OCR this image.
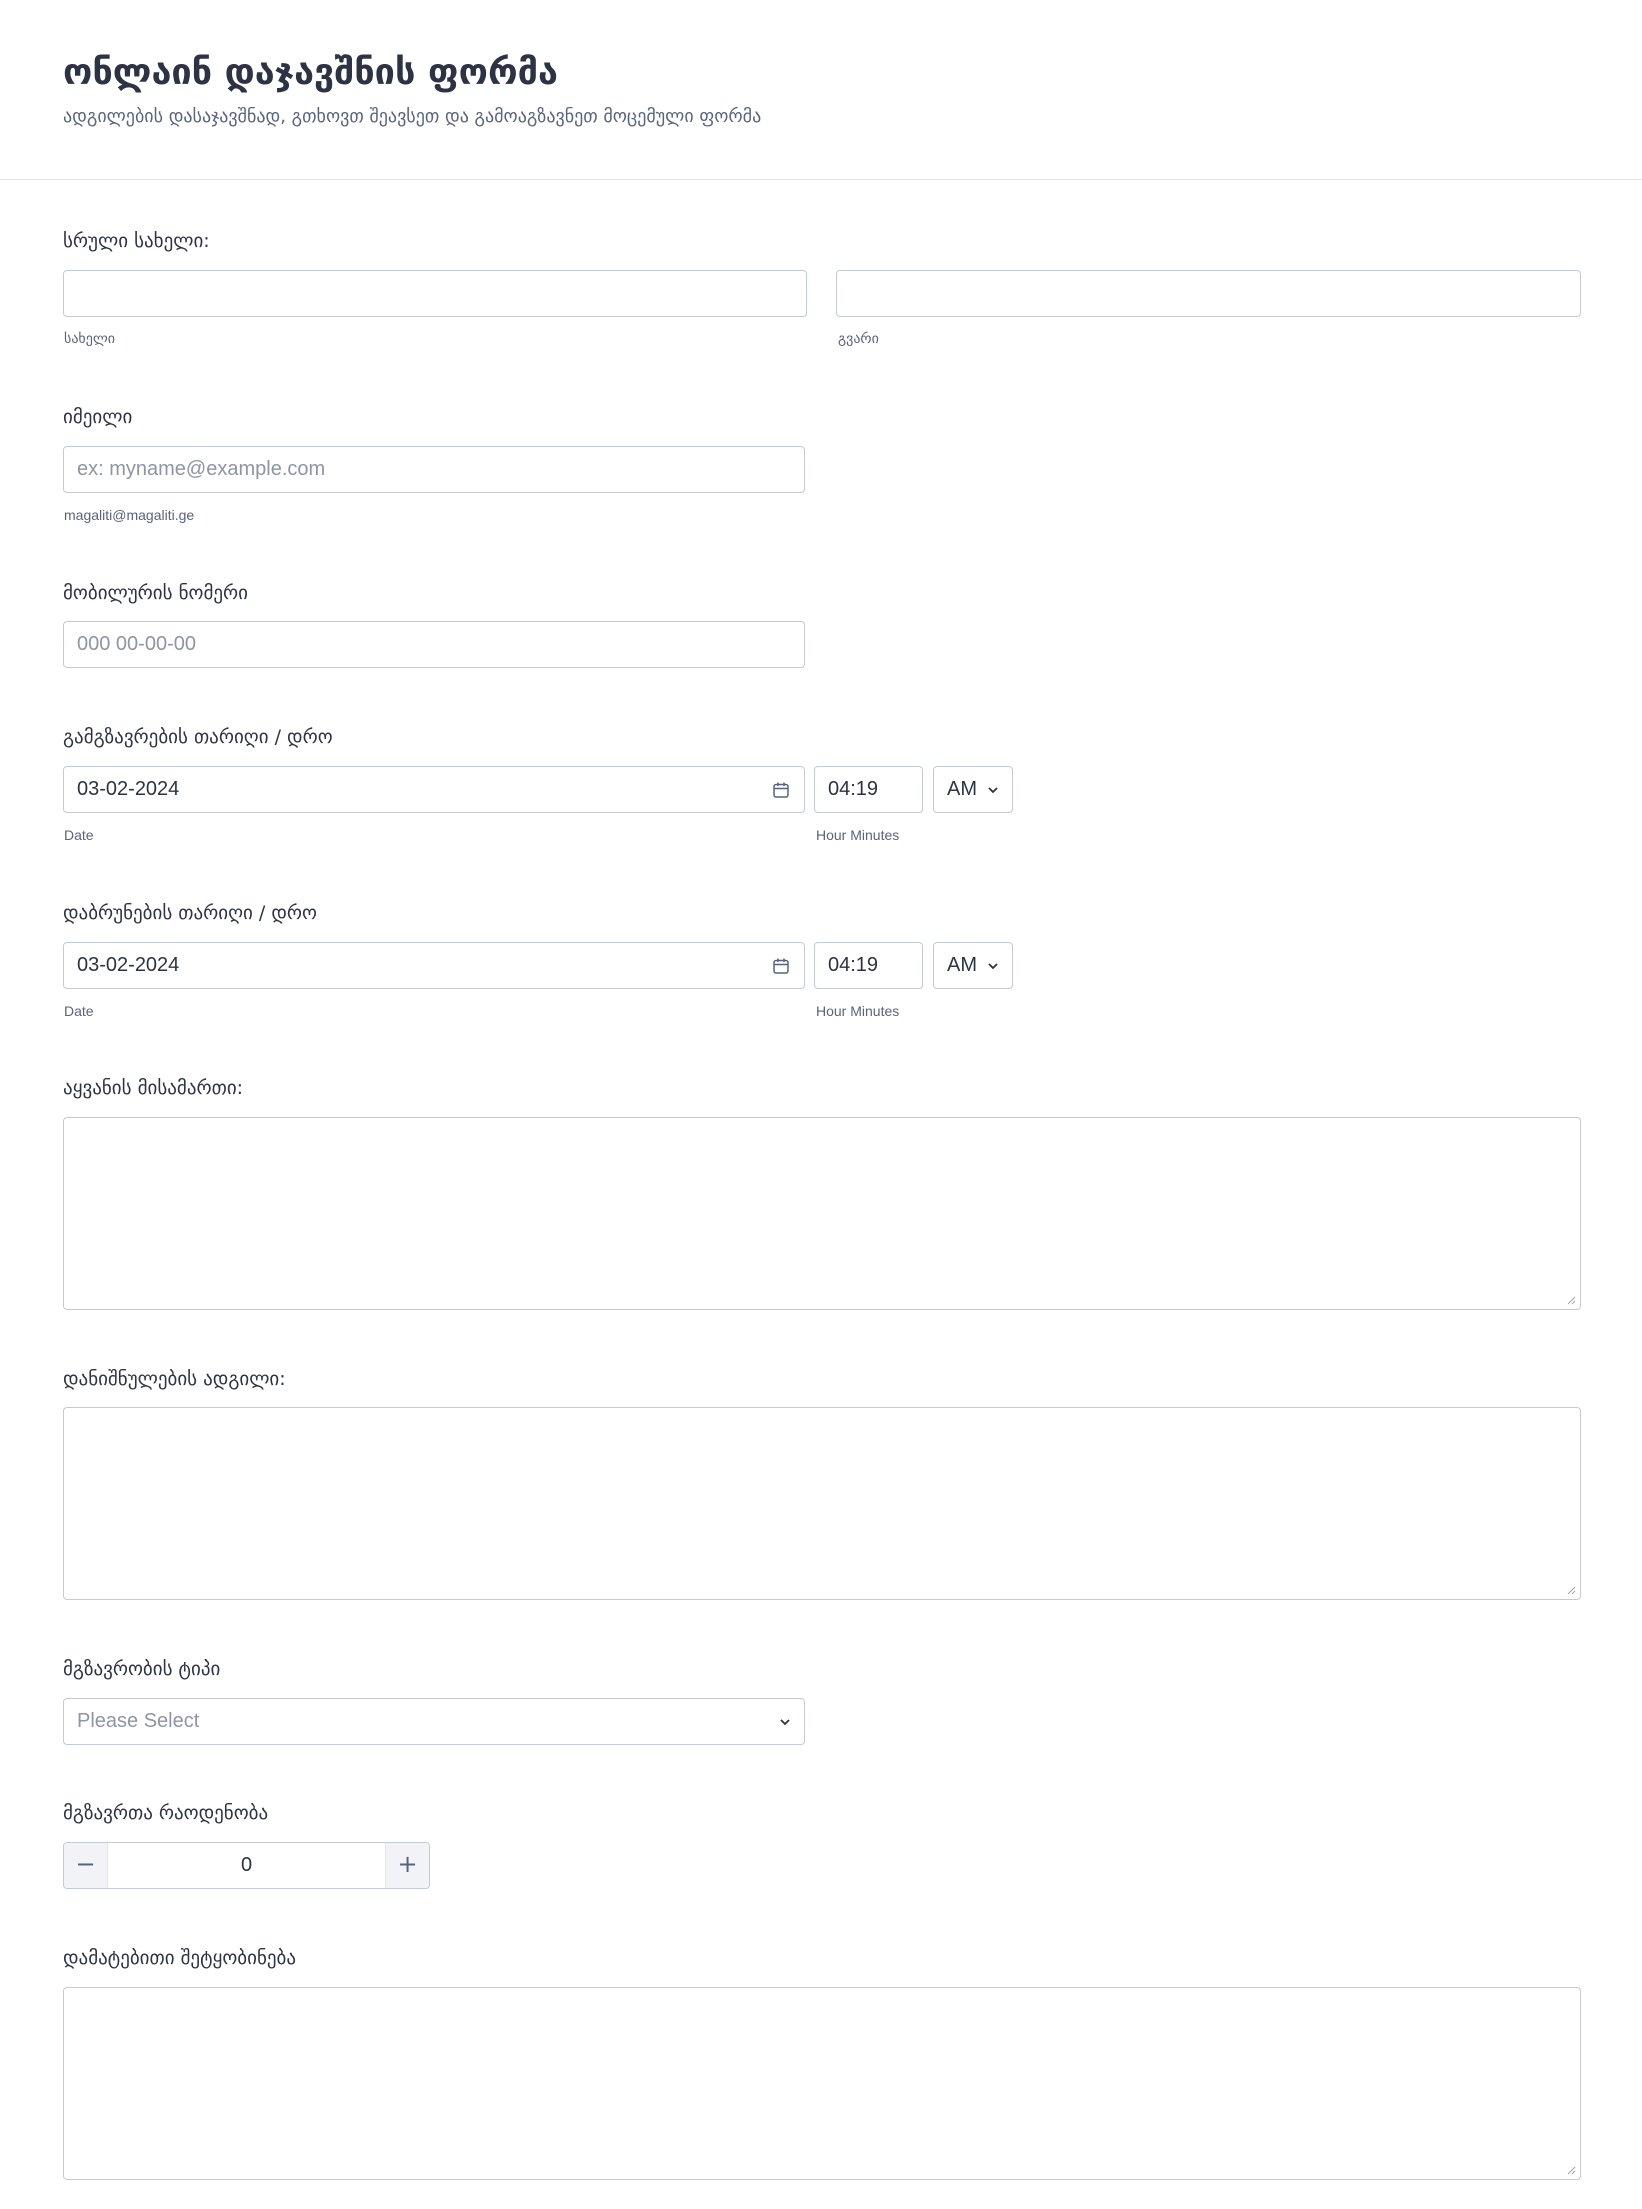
ონლაინ დაჯავშნის ფორმა
ადგილების დასაჯავშნად, გთხოვთ შეავსეთ და გამოაგზავნეთ მოცემული ფორმა
სრული სახელი:
სახელი	გვარი
იმეილი
ex: myname@example.com
magaliti@magaliti.ge
მობილურის ნომერი
000 00-00-00
გამგზავრების თარიღი / დრო
03-02-2024	04:19	AM
Date	Hour Minutes
დაბრუნების თარიღი / დრო
03-02-2024	04:19	AM
Date	Hour Minutes
აყვანის მისამართი:
დანიშნულების ადგილი:
მგზავრობის ტიპი
Please Select
მგზავრთა რაოდენობა
−	0	+
დამატებითი შეტყობინება
